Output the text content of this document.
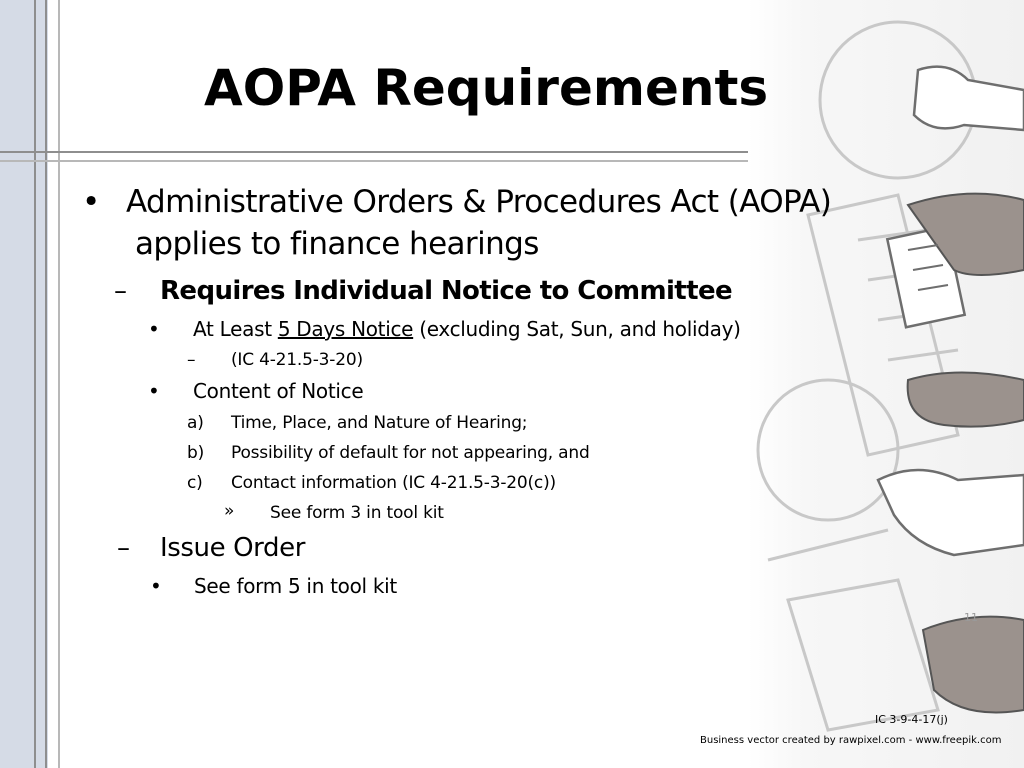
AOPA Requirements
• Administrative Orders & Procedures Act (AOPA)
applies to finance hearings
– Requires Individual Notice to Committee
• At Least 5 Days Notice (excluding Sat, Sun, and holiday)
– (IC 4-21.5-3-20)
• Content of Notice
a) Time, Place, and Nature of Hearing;
b) Possibility of default for not appearing, and
c) Contact information (IC 4-21.5-3-20(c))
» See form 3 in tool kit
– Issue Order
• See form 5 in tool kit
11
IC 3-9-4-17(j)
Business vector created by rawpixel.com - www.freepik.com
